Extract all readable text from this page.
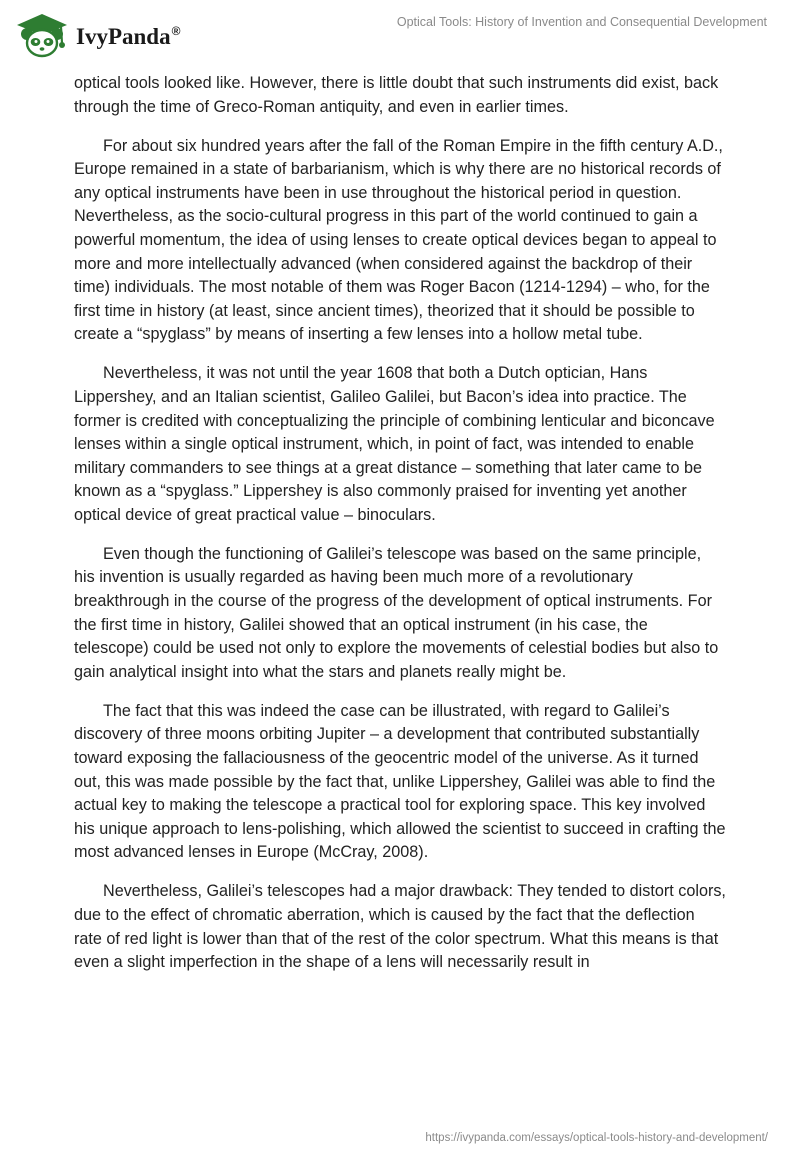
IvyPanda®
Optical Tools: History of Invention and Consequential Development

optical tools looked like. However, there is little doubt that such instruments did exist, back through the time of Greco-Roman antiquity, and even in earlier times.

For about six hundred years after the fall of the Roman Empire in the fifth century A.D., Europe remained in a state of barbarianism, which is why there are no historical records of any optical instruments have been in use throughout the historical period in question. Nevertheless, as the socio-cultural progress in this part of the world continued to gain a powerful momentum, the idea of using lenses to create optical devices began to appeal to more and more intellectually advanced (when considered against the backdrop of their time) individuals. The most notable of them was Roger Bacon (1214-1294) – who, for the first time in history (at least, since ancient times), theorized that it should be possible to create a “spyglass” by means of inserting a few lenses into a hollow metal tube.

Nevertheless, it was not until the year 1608 that both a Dutch optician, Hans Lippershey, and an Italian scientist, Galileo Galilei, but Bacon’s idea into practice. The former is credited with conceptualizing the principle of combining lenticular and biconcave lenses within a single optical instrument, which, in point of fact, was intended to enable military commanders to see things at a great distance – something that later came to be known as a “spyglass.” Lippershey is also commonly praised for inventing yet another optical device of great practical value – binoculars.

Even though the functioning of Galilei’s telescope was based on the same principle, his invention is usually regarded as having been much more of a revolutionary breakthrough in the course of the progress of the development of optical instruments. For the first time in history, Galilei showed that an optical instrument (in his case, the telescope) could be used not only to explore the movements of celestial bodies but also to gain analytical insight into what the stars and planets really might be.

The fact that this was indeed the case can be illustrated, with regard to Galilei’s discovery of three moons orbiting Jupiter – a development that contributed substantially toward exposing the fallaciousness of the geocentric model of the universe. As it turned out, this was made possible by the fact that, unlike Lippershey, Galilei was able to find the actual key to making the telescope a practical tool for exploring space. This key involved his unique approach to lens-polishing, which allowed the scientist to succeed in crafting the most advanced lenses in Europe (McCray, 2008).

Nevertheless, Galilei’s telescopes had a major drawback: They tended to distort colors, due to the effect of chromatic aberration, which is caused by the fact that the deflection rate of red light is lower than that of the rest of the color spectrum. What this means is that even a slight imperfection in the shape of a lens will necessarily result in

https://ivypanda.com/essays/optical-tools-history-and-development/
